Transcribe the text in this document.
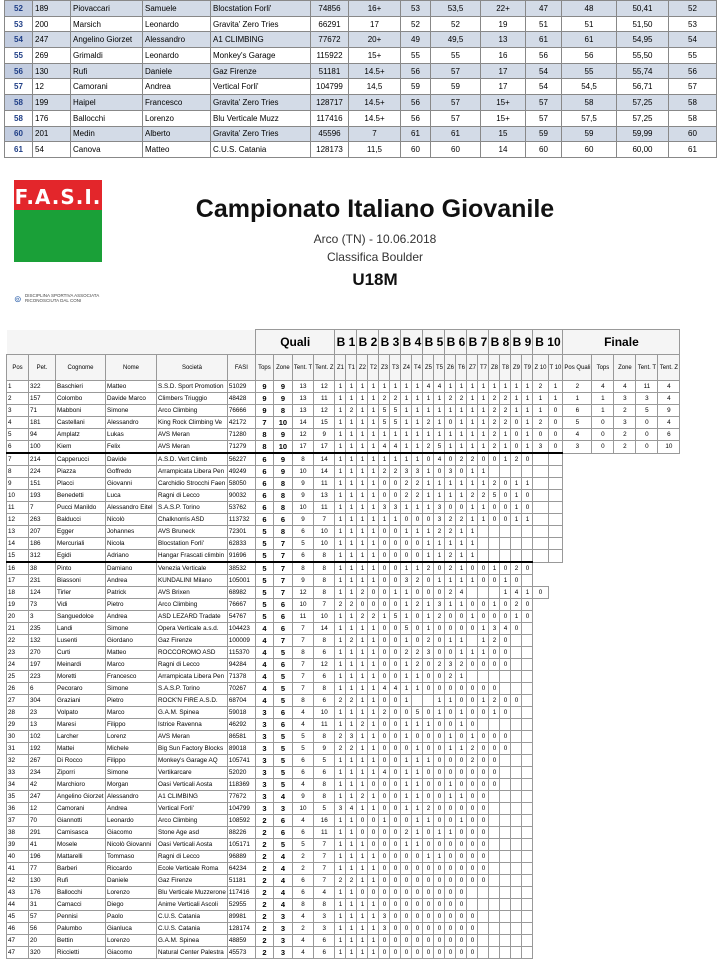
52	189	Piovaccari	Samuele	Blocstation Forli'	74856	16+	53	53,5	22+	47	48	50,41	52
53	200	Marsich	Leonardo	Gravita' Zero Tries	66291	17	52	52	19	51	51	51,50	53
54	247	Angelino Giorzet	Alessandro	A1 CLIMBING	77672	20+	49	49,5	13	61	61	54,95	54
55	269	Grimaldi	Leonardo	Monkey's Garage	115922	15+	55	55	16	56	56	55,50	55
56	130	Rufi	Daniele	Gaz Firenze	51181	14.5+	56	57	17	54	55	55,74	56
57	12	Camorani	Andrea	Vertical Forli'	104799	14,5	59	59	17	54	54,5	56,71	57
58	199	Haipel	Francesco	Gravita' Zero Tries	128717	14.5+	56	57	15+	57	58	57,25	58
58	176	Ballocchi	Lorenzo	Blu Verticale Muzz	117416	14.5+	56	57	15+	57	57,5	57,25	58
60	201	Medin	Alberto	Gravita' Zero Tries	45596	7	61	61	15	59	59	59,99	60
61	54	Canova	Matteo	C.U.S. Catania	128173	11,5	60	60	14	60	60	60,00	61
F.A.S.I.
⊚ DISCIPLINA SPORTIVA ASSOCIATA RICONOSCIUTA DAL CONI
Campionato Italiano Giovanile
Arco (TN) - 10.06.2018
Classifica Boulder
U18M
						Quali				B 1		B 2		B 3		B 4		B 5		B 6		B 7		B 8		B 9		B 10		Finale				
Pos	Pet.	Cognome	Nome	Società	FASI	Tops	Zone	Tent. T	Tent. Z	Z1	T1	Z2	T2	Z3	T3	Z4	T4	Z5	T5	Z6	T6	Z7	T7	Z8	T8	Z9	T9	Z 10	T 10	Pos Quali	Tops	Zone	Tent. T	Tent. Z
1	322	Baschieri	Matteo	S.S.D. Sport Promotion	51029	9	9	13	12	1	1	1	1	1	1	1	1	4	4	1	1	1	1	1	1	1	1	2	1	2	4	4	11	4
2	157	Colombo	Davide Marco	Climbers Triuggio	48428	9	9	13	11	1	1	1	1	2	2	1	1	1	1	2	2	1	1	2	2	1	1	1	1	1	1	3	3	4
3	71	Mabboni	Simone	Arco Climbing	76666	9	8	13	12	1	2	1	1	5	5	1	1	1	1	1	1	1	1	2	2	1	1	1	0	6	1	2	5	9
4	181	Castellani	Alessandro	King Rock Climbing Ve	42172	7	10	14	15	1	1	1	1	5	5	1	1	2	1	0	1	1	1	2	2	0	1	2	0	5	0	3	0	4
5	94	Amplatz	Lukas	AVS Meran	71280	8	9	12	9	1	1	1	1	1	1	1	1	1	1	1	1	1	1	2	1	0	1	0	0	4	0	2	0	6
6	100	Kiem	Felix	AVS Meran	71279	8	10	17	17	1	1	1	1	4	4	1	1	2	5	1	1	1	1	2	1	0	1	3	0	3	0	2	0	10
7	214	Capperucci	Davide	A.S.D. Vert Climb	56227	6	9	8	14	1	1	1	1	1	1	1	1	0	4	0	2	2	0	0	1	2	0							
8	224	Piazza	Goffredo	Arrampicata Libera Pen	49249	6	9	10	14	1	1	1	1	2	2	3	3	1	0	3	0	1	1											
9	151	Placci	Giovanni	Carchidio Strocchi Faen	58050	6	8	9	11	1	1	1	1	0	0	2	2	1	1	1	1	1	1	2	0	1	1							
10	193	Benedetti	Luca	Ragni di Lecco	90032	6	8	9	13	1	1	1	1	0	0	2	2	1	1	1	1	2	2	5	0	1	0							
11	7	Pucci Manildo	Alessandro Eitel	S.A.S.P. Torino	53762	6	8	10	11	1	1	1	1	3	3	1	1	1	3	0	0	1	1	0	0	1	0							
12	263	Balducci	Nicolò	Chalknorris ASD	113732	6	6	9	7	1	1	1	1	1	1	0	0	0	3	2	2	1	1	0	0	1	1							
13	207	Egger	Johannes	AVS Bruneck	72301	5	8	6	10	1	1	1	1	0	0	1	1	1	2	2	1	1												
14	186	Mercuriali	Nicola	Blocstation Forli'	62833	5	7	5	10	1	1	1	1	0	0	0	0	1	1	1	1	1												
15	312	Egidi	Adriano	Hangar Frascati climbin	91696	5	7	6	8	1	1	1	1	0	0	0	0	1	1	2	1	1												
16	38	Pinto	Damiano	Venezia Verticale	38532	5	7	8	8	1	1	1	1	0	0	1	1	2	0	2	1	0	0	1	0	2	0							
17	231	Biassoni	Andrea	KUNDALINI Milano	105001	5	7	9	8	1	1	1	1	0	0	3	2	0	1	1	1	1	0	0	1	0								
18	124	Tirler	Patrick	AVS Brixen	68982	5	7	12	8	1	1	2	0	0	1	1	0	0	0	2	4				1	4	1	0						
19	73	Vidi	Pietro	Arco Climbing	76667	5	6	10	7	2	2	0	0	0	0	1	2	1	3	1	1	0	0	1	0	2	0							
20	3	Sanguedolce	Andrea	ASD LEZARD Tradate	54767	5	6	11	10	1	1	2	2	1	5	1	0	1	2	0	0	1	0	0	0	1	0							
21	235	Landi	Simone	Opera Verticale a.s.d.	104423	4	6	7	14	1	1	1	1	0	0	5	0	1	0	0	0	0	1	3	4	0								
22	132	Lusenti	Giordano	Gaz Firenze	100009	4	7	7	8	1	2	1	1	0	0	1	0	2	0	1	1		1	2	0									
23	270	Curti	Matteo	ROCCOROMO ASD	115370	4	5	8	6	1	1	1	1	0	0	2	2	3	0	0	1	1	1	0	0									
24	197	Meinardi	Marco	Ragni di Lecco	94284	4	6	7	12	1	1	1	1	0	0	1	2	0	2	3	2	0	0	0	0									
25	223	Moretti	Francesco	Arrampicata Libera Pen	71378	4	5	7	6	1	1	1	1	0	0	1	1	0	0	2	1													
26	6	Pecoraro	Simone	S.A.S.P. Torino	70267	4	5	7	8	1	1	1	1	4	4	1	1	0	0	0	0	0	0	0										
27	304	Graziani	Pietro	ROCK'N FIRE A.S.D.	68704	4	5	8	6	2	2	1	1	0	0	1			1	1	0	0	1	2	0	0								
28	23	Volpato	Marco	G.A.M. Spinea	59018	3	6	4	10	1	1	1	1	2	0	0	5	0	1	0	1	0	0	1	0									
29	13	Maresi	Filippo	Istrice Ravenna	46292	3	6	4	11	1	1	2	1	0	0	1	1	1	0	0	1	0												
30	102	Larcher	Lorenz	AVS Meran	86581	3	5	5	8	2	3	1	1	0	0	1	0	0	0	1	0	1	0	0	0									
31	192	Mattei	Michele	Big Sun Factory Blocks	89018	3	5	5	9	2	2	1	1	0	0	0	1	0	0	1	1	2	0	0	0									
32	267	Di Rocco	Filippo	Monkey's Garage AQ	105741	3	5	6	5	1	1	1	1	0	0	1	1	1	0	0	0	2	0	0										
33	234	Ziporri	Simone	Vertikarcare	52020	3	5	6	6	1	1	1	1	4	0	1	1	0	0	0	0	0	0	0										
34	42	Marchioro	Morgan	Oasi Verticali Aosta	118369	3	5	4	8	1	1	1	0	0	0	1	1	0	0	1	0	0	0	0										
35	247	Angelino Giorzet	Alessandro	A1 CLIMBING	77672	3	4	9	8	1	1	2	1	0	0	1	1	0	0	1	1	0	0											
36	12	Camorani	Andrea	Vertical Forli'	104799	3	3	10	5	3	4	1	1	0	0	1	1	2	0	0	0	0	0											
37	70	Giannotti	Leonardo	Arco Climbing	108592	2	6	4	16	1	1	0	0	1	0	0	1	1	0	0	1	0	0											
38	291	Camisasca	Giacomo	Stone Age asd	88226	2	6	6	11	1	1	0	0	0	0	2	1	0	1	1	0	0	0											
39	41	Mosele	Nicolò Giovanni	Oasi Verticali Aosta	105171	2	5	5	7	1	1	1	0	0	0	1	1	0	0	0	0	0	0											
40	196	Mattarelli	Tommaso	Ragni di Lecco	96889	2	4	2	7	1	1	1	1	0	0	0	0	1	1	0	0	0	0											
41	77	Barberi	Riccardo	Ecole Verticale Roma	64234	2	4	2	7	1	1	1	1	0	0	0	0	0	0	0	0	0	0											
42	130	Rufi	Daniele	Gaz Firenze	51181	2	4	6	7	2	2	1	1	0	0	0	0	0	0	0	0	0	0											
43	176	Ballocchi	Lorenzo	Blu Verticale Muzzerone	117416	2	4	6	4	1	1	0	0	0	0	0	0	0	0	0	0													
44	31	Camacci	Diego	Anime Verticali Ascoli	52955	2	4	8	8	1	1	1	1	0	0	0	0	0	0	0	0													
45	57	Pennisi	Paolo	C.U.S. Catania	89981	2	3	4	3	1	1	1	1	3	0	0	0	0	0	0	0	0												
46	56	Palumbo	Gianluca	C.U.S. Catania	128174	2	3	2	3	1	1	1	1	3	0	0	0	0	0	0	0	0												
47	20	Bettin	Lorenzo	G.A.M. Spinea	48859	2	3	4	6	1	1	1	1	0	0	0	0	0	0	0	0	0												
47	320	Riccietti	Giacomo	Natural Center Palestra	45573	2	3	4	6	1	1	1	1	0	0	0	0	0	0	0	0	0												
